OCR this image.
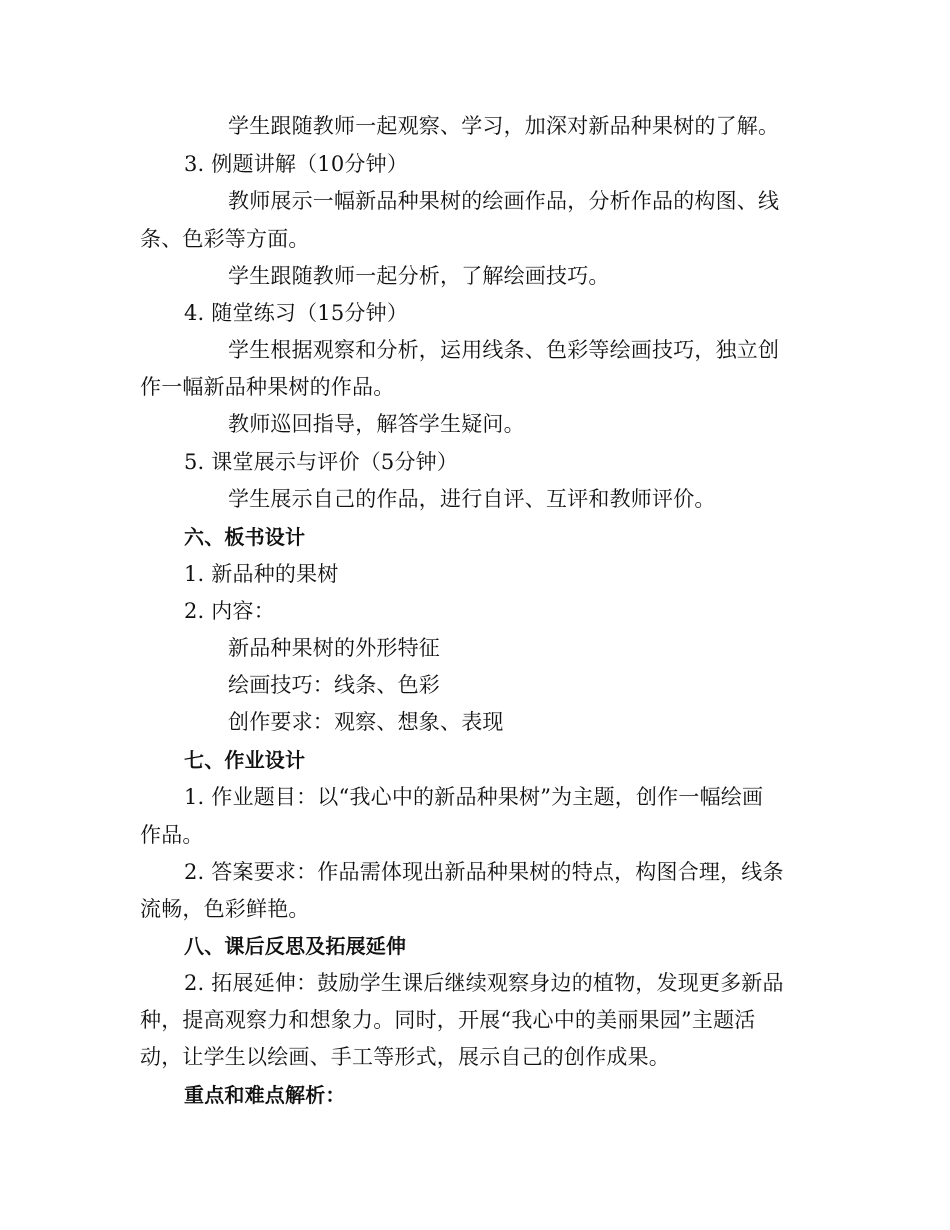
学生跟随教师一起观察、学习，加深对新品种果树的了解。
3. 例题讲解（10分钟）
教师展示一幅新品种果树的绘画作品，分析作品的构图、线
条、色彩等方面。
学生跟随教师一起分析，了解绘画技巧。
4. 随堂练习（15分钟）
学生根据观察和分析，运用线条、色彩等绘画技巧，独立创
作一幅新品种果树的作品。
教师巡回指导，解答学生疑问。
5. 课堂展示与评价（5分钟）
学生展示自己的作品，进行自评、互评和教师评价。
六、板书设计
1. 新品种的果树
2. 内容：
新品种果树的外形特征
绘画技巧：线条、色彩
创作要求：观察、想象、表现
七、作业设计
1. 作业题目：以“我心中的新品种果树”为主题，创作一幅绘画
作品。
2. 答案要求：作品需体现出新品种果树的特点，构图合理，线条
流畅，色彩鲜艳。
八、课后反思及拓展延伸
2. 拓展延伸：鼓励学生课后继续观察身边的植物，发现更多新品
种，提高观察力和想象力。同时，开展“我心中的美丽果园”主题活
动，让学生以绘画、手工等形式，展示自己的创作成果。
重点和难点解析：
